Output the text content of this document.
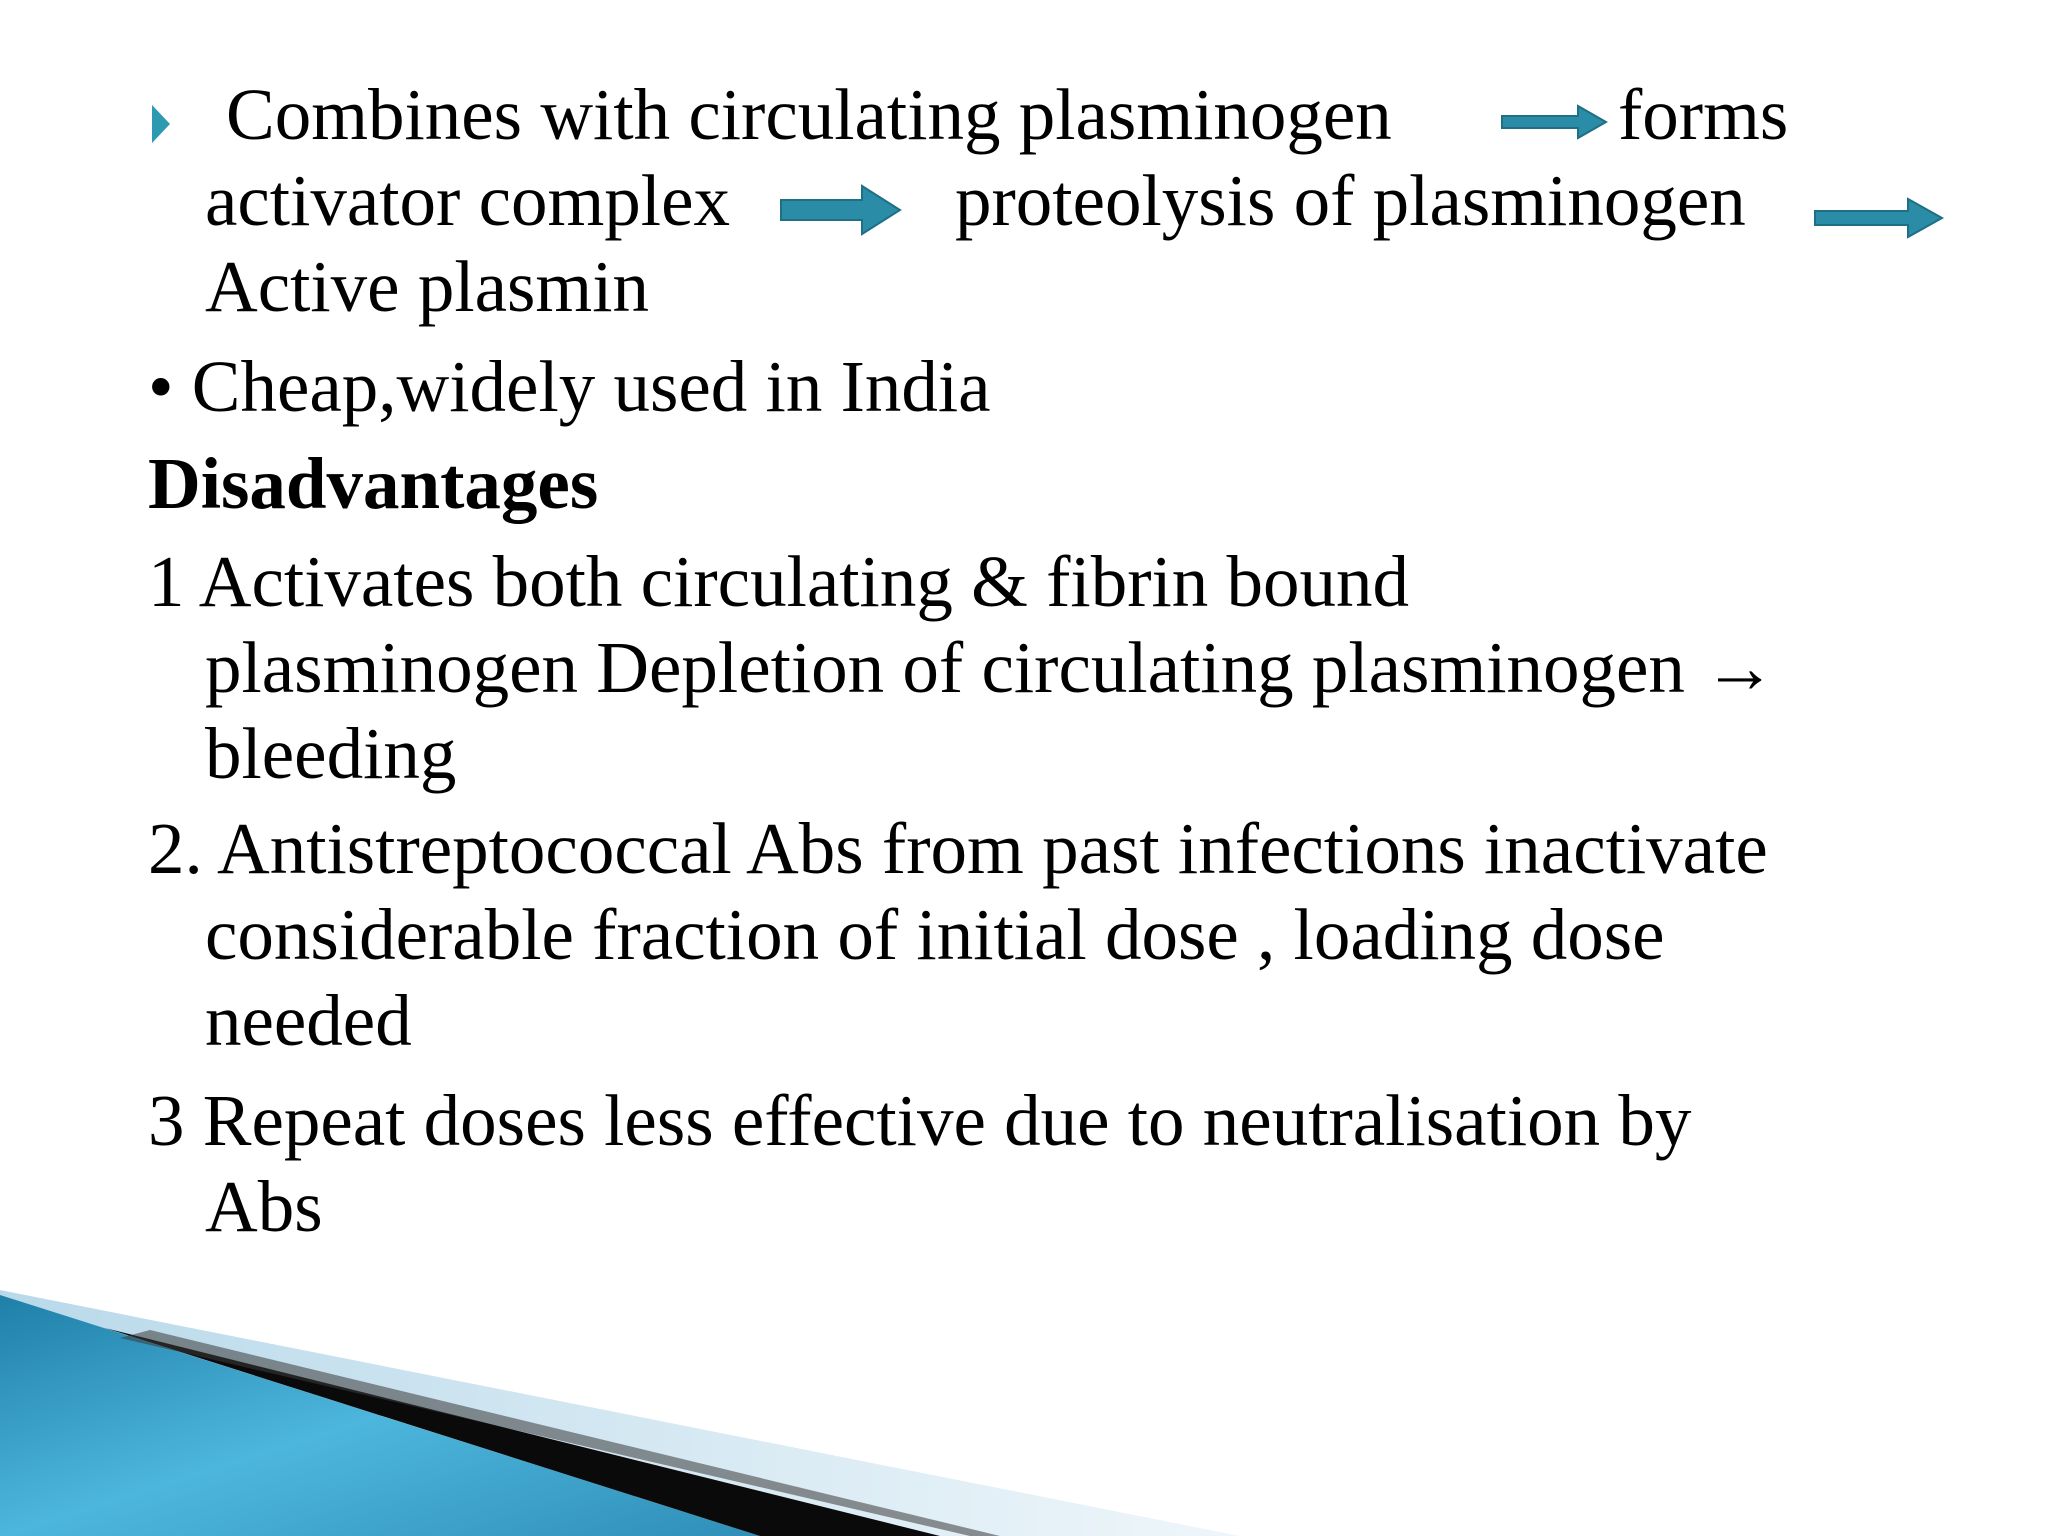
Combines with circulating plasminogen	forms
activator complex	proteolysis of plasminogen
Active plasmin
• Cheap,widely used in India
Disadvantages
1 Activates both circulating & fibrin bound
plasminogen Depletion of circulating plasminogen →
bleeding
2. Antistreptococcal Abs from past infections inactivate
considerable fraction of initial dose , loading dose
needed
3 Repeat doses less effective due to neutralisation by
Abs
